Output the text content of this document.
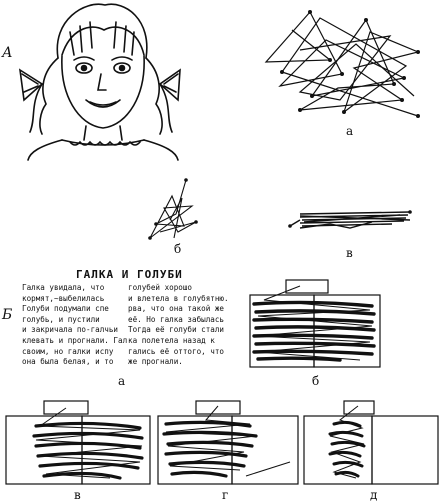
А
Б
а
б	в
ГАЛКА И ГОЛУБИ
Галка увидала, что
кормят,~выбелилась
Голуби подумали спе
голубь, и пустили
и закричала по-галчьи
клевать и прогнали. Гал
своим, но галки испу
она была белая, и то
голубей хорошо
и влетела в голубятню.
рва, что она такой же
её. Но галка забылась
Тогда её голуби стали
ка полетела назад к
гались её оттого, что
же прогнали.
а	б
в	г	д
